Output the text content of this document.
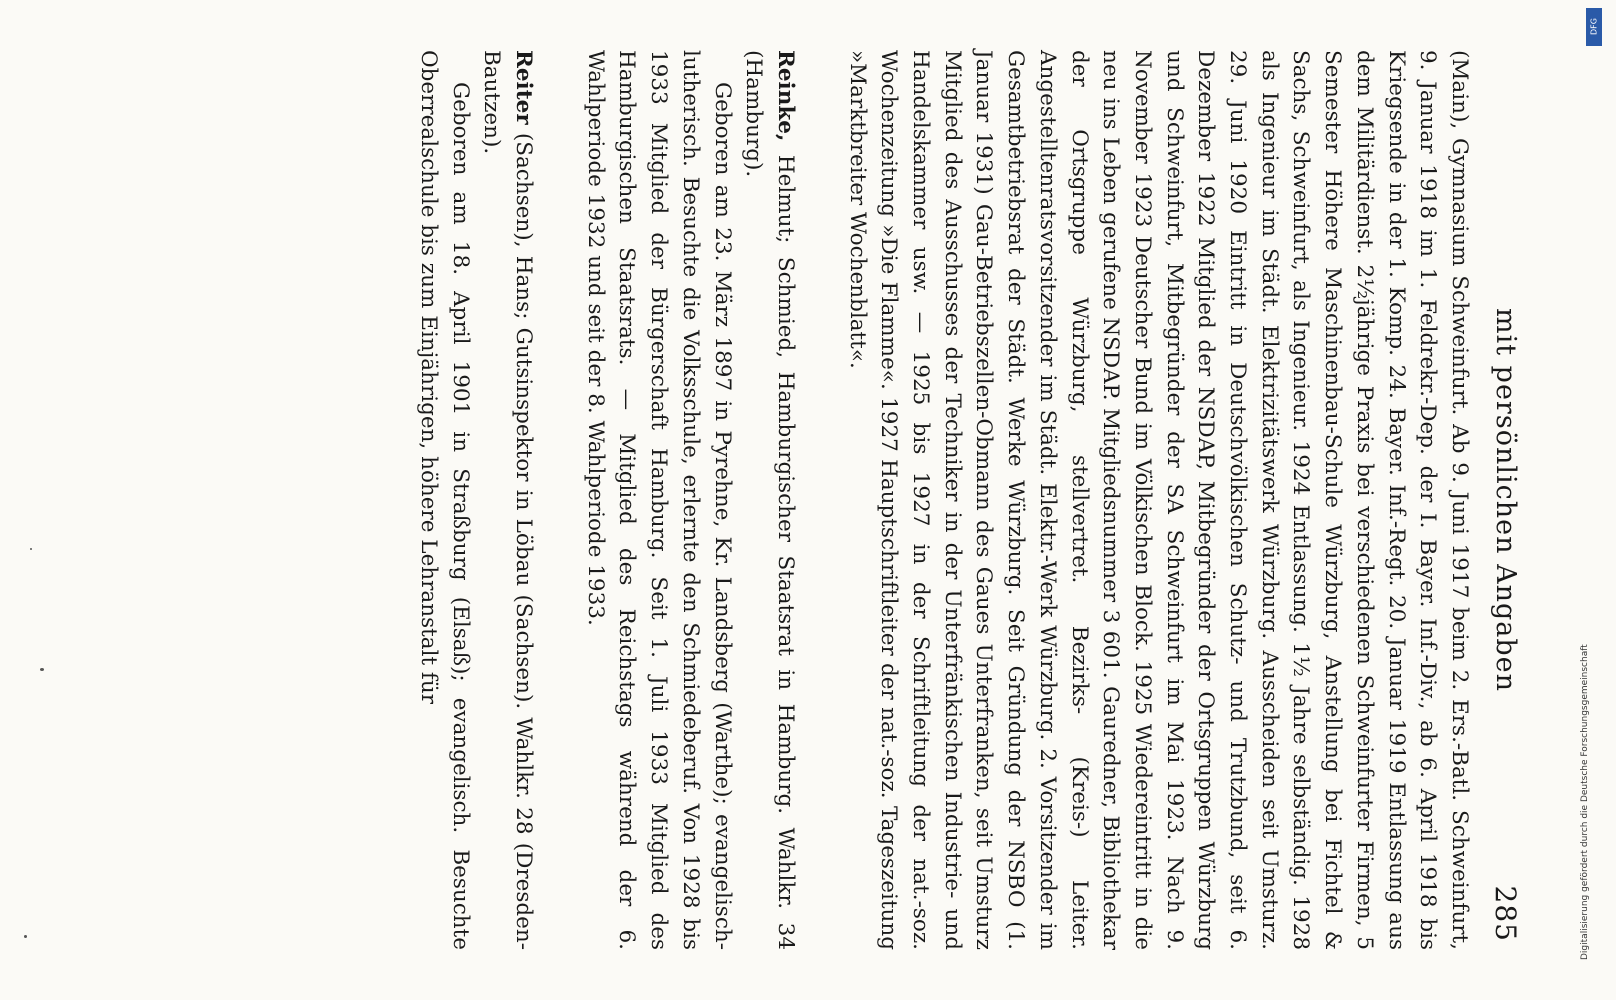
mit persönlichen Angaben
285

(Main), Gymnasium Schweinfurt. Ab 9. Juni 1917 beim 2. Ers.-Batl. Schweinfurt, 9. Januar 1918 im 1. Feldrekr.-Dep. der I. Bayer. Inf.-Div., ab 6. April 1918 bis Kriegsende in der 1. Komp. 24. Bayer. Inf.-Regt. 20. Januar 1919 Entlassung aus dem Militärdienst. 2½jährige Praxis bei verschiedenen Schweinfurter Firmen, 5 Semester Höhere Maschinenbau-Schule Würzburg, Anstellung bei Fichtel & Sachs, Schweinfurt, als Ingenieur. 1924 Entlassung. 1½ Jahre selbständig. 1928 als Ingenieur im Städt. Elektrizitätswerk Würzburg. Ausscheiden seit Umsturz. 29. Juni 1920 Eintritt in Deutschvölkischen Schutz- und Trutzbund, seit 6. Dezember 1922 Mitglied der NSDAP, Mitbegründer der Ortsgruppen Würzburg und Schweinfurt, Mitbegründer der SA Schweinfurt im Mai 1923. Nach 9. November 1923 Deutscher Bund im Völkischen Block. 1925 Wiedereintritt in die neu ins Leben gerufene NSDAP. Mitgliedsnummer 3 601. Gauredner, Bibliothekar der Ortsgruppe Würzburg, stellvertret. Bezirks- (Kreis-) Leiter. Angestelltenratsvorsitzender im Städt. Elektr.-Werk Würzburg. 2. Vorsitzender im Gesamtbetriebsrat der Städt. Werke Würzburg. Seit Gründung der NSBO (1. Januar 1931) Gau-Betriebszellen-Obmann des Gaues Unterfranken, seit Umsturz Mitglied des Ausschusses der Techniker in der Unterfränkischen Industrie- und Handelskammer usw. — 1925 bis 1927 in der Schriftleitung der nat.-soz. Wochenzeitung »Die Flamme«. 1927 Hauptschriftleiter der nat.-soz. Tageszeitung »Marktbreiter Wochenblatt«.

Reinke, Helmut; Schmied, Hamburgischer Staatsrat in Hamburg. Wahlkr. 34 (Hamburg).

Geboren am 23. März 1897 in Pyrehne, Kr. Landsberg (Warthe); evangelisch-lutherisch. Besuchte die Volksschule, erlernte den Schmiedeberuf. Von 1928 bis 1933 Mitglied der Bürgerschaft Hamburg. Seit 1. Juli 1933 Mitglied des Hamburgischen Staatsrats. — Mitglied des Reichstags während der 6. Wahlperiode 1932 und seit der 8. Wahlperiode 1933.

Reiter (Sachsen), Hans; Gutsinspektor in Löbau (Sachsen). Wahlkr. 28 (Dresden-Bautzen).

Geboren am 18. April 1901 in Straßburg (Elsaß); evangelisch. Besuchte Oberrealschule bis zum Einjährigen, höhere Lehranstalt für

DFG
Digitalisierung gefördert durch die Deutsche Forschungsgemeinschaft
